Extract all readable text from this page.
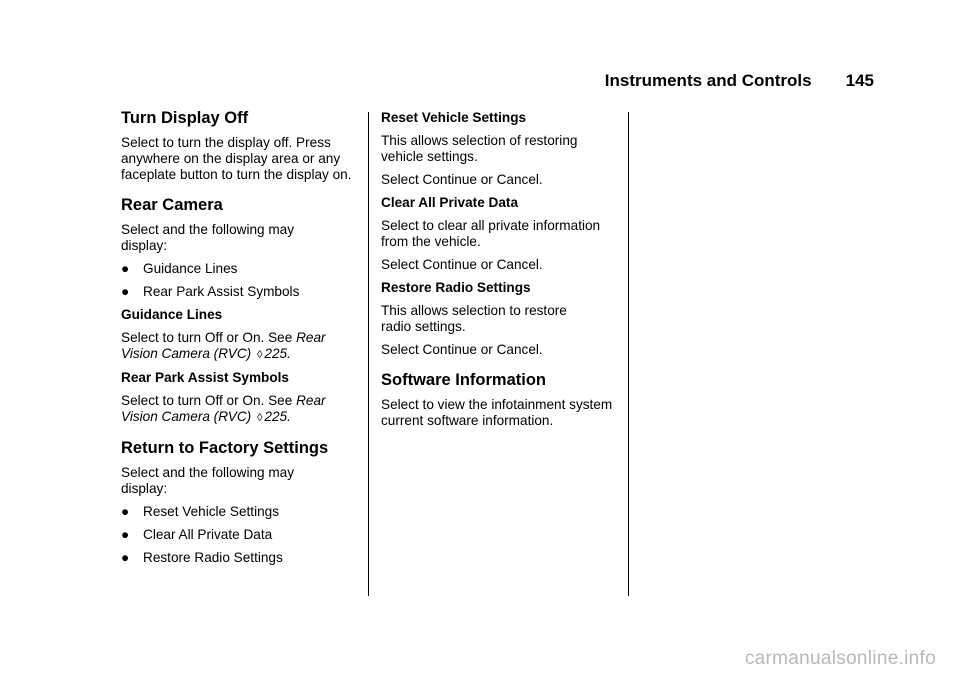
Instruments and Controls 145
Turn Display Off

Select to turn the display off. Press anywhere on the display area or any faceplate button to turn the display on.

Rear Camera

Select and the following may display:

●	Guidance Lines
●	Rear Park Assist Symbols

Guidance Lines

Select to turn Off or On. See Rear Vision Camera (RVC) ◊ 225.

Rear Park Assist Symbols

Select to turn Off or On. See Rear Vision Camera (RVC) ◊ 225.

Return to Factory Settings

Select and the following may display:

●	Reset Vehicle Settings
●	Clear All Private Data
●	Restore Radio Settings

Reset Vehicle Settings

This allows selection of restoring vehicle settings.

Select Continue or Cancel.

Clear All Private Data

Select to clear all private information from the vehicle.

Select Continue or Cancel.

Restore Radio Settings

This allows selection to restore radio settings.

Select Continue or Cancel.

Software Information

Select to view the infotainment system current software information.

carmanualsonline.info
